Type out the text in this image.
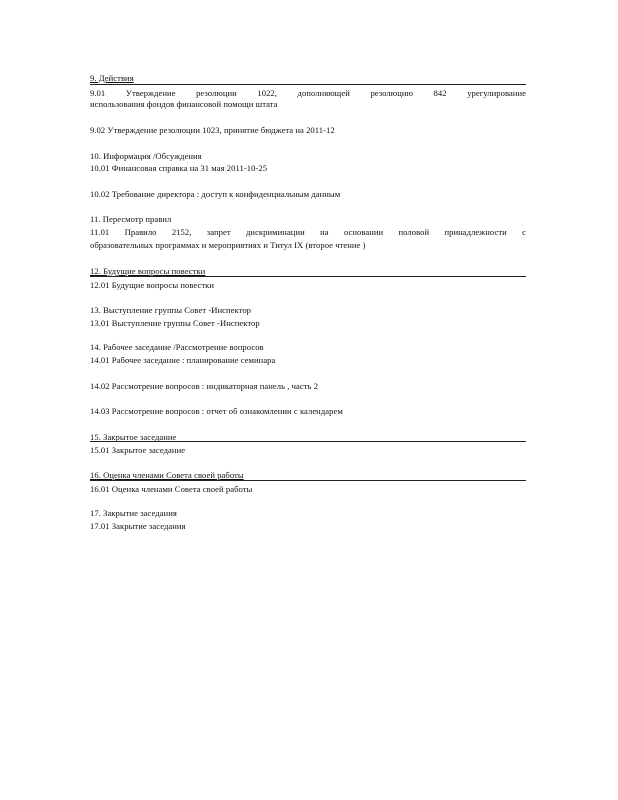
9. Действия
9.01 Утверждение резолюции 1022, дополняющей резолюцию 842 урегулирование
использования фондов финансовой помощи штата
9.02 Утверждение резолюции 1023, принятие бюджета на 2011-12
10. Информация /Обсуждения
10.01 Финансовая справка на 31 мая 2011-10-25
10.02 Требование директора : доступ к конфиденциальным данным
11. Пересмотр правил
11.01 Правило 2152, запрет дискриминации на основании половой принадлежности с
образовательных программах и мероприятиях и Титул IX (второе чтение )
12. Будущие вопросы повестки
12.01 Будущие вопросы повестки
13. Выступление группы Совет -Инспектор
13.01 Выступление группы Совет -Инспектор
14. Рабочее заседание /Рассмотрение вопросов
14.01 Рабочее заседание : планирование семинара
14.02 Рассмотрение вопросов : индикаторная панель , часть 2
14.03 Рассмотрение вопросов : отчет об ознакомлении с календарем
15. Закрытое заседание
15.01 Закрытое заседание
16. Оценка членами Совета своей работы
16.01 Оценка членами Совета своей работы
17. Закрытие заседания
17.01 Закрытие заседания
